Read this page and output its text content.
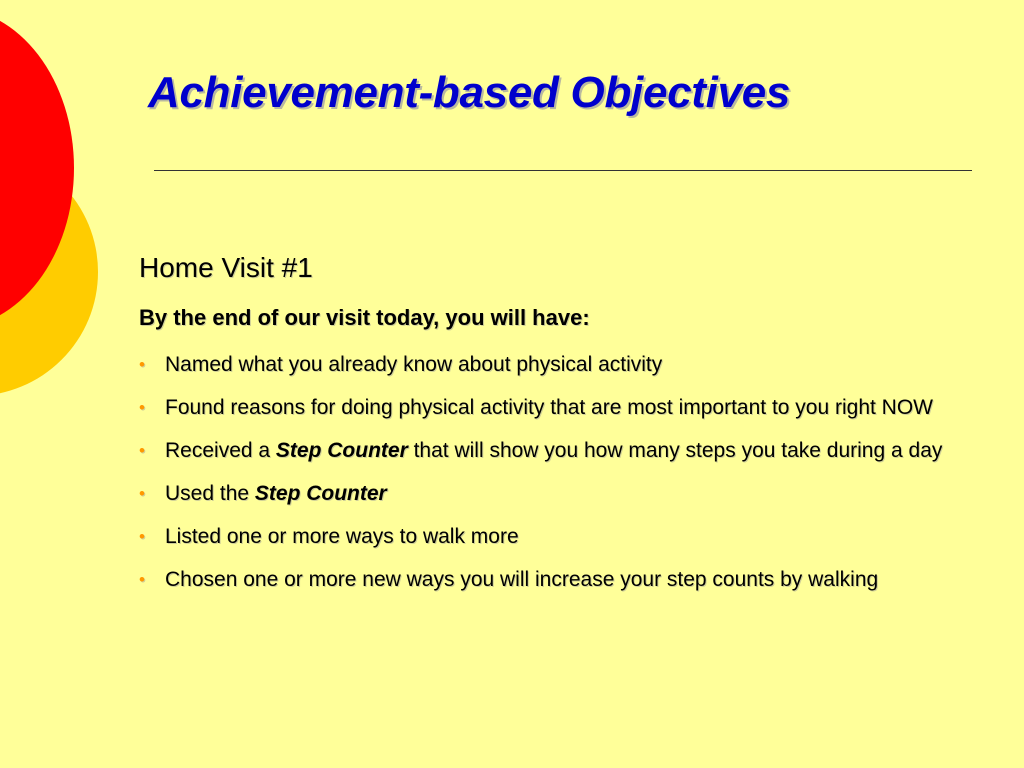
Achievement-based Objectives
Home Visit #1
By the end of our visit today, you will have:
• Named what you already know about physical activity
• Found reasons for doing physical activity that are most important to you right NOW
• Received a Step Counter that will show you how many steps you take during a day
• Used the Step Counter
• Listed one or more ways to walk more
• Chosen one or more new ways you will increase your step counts by walking
